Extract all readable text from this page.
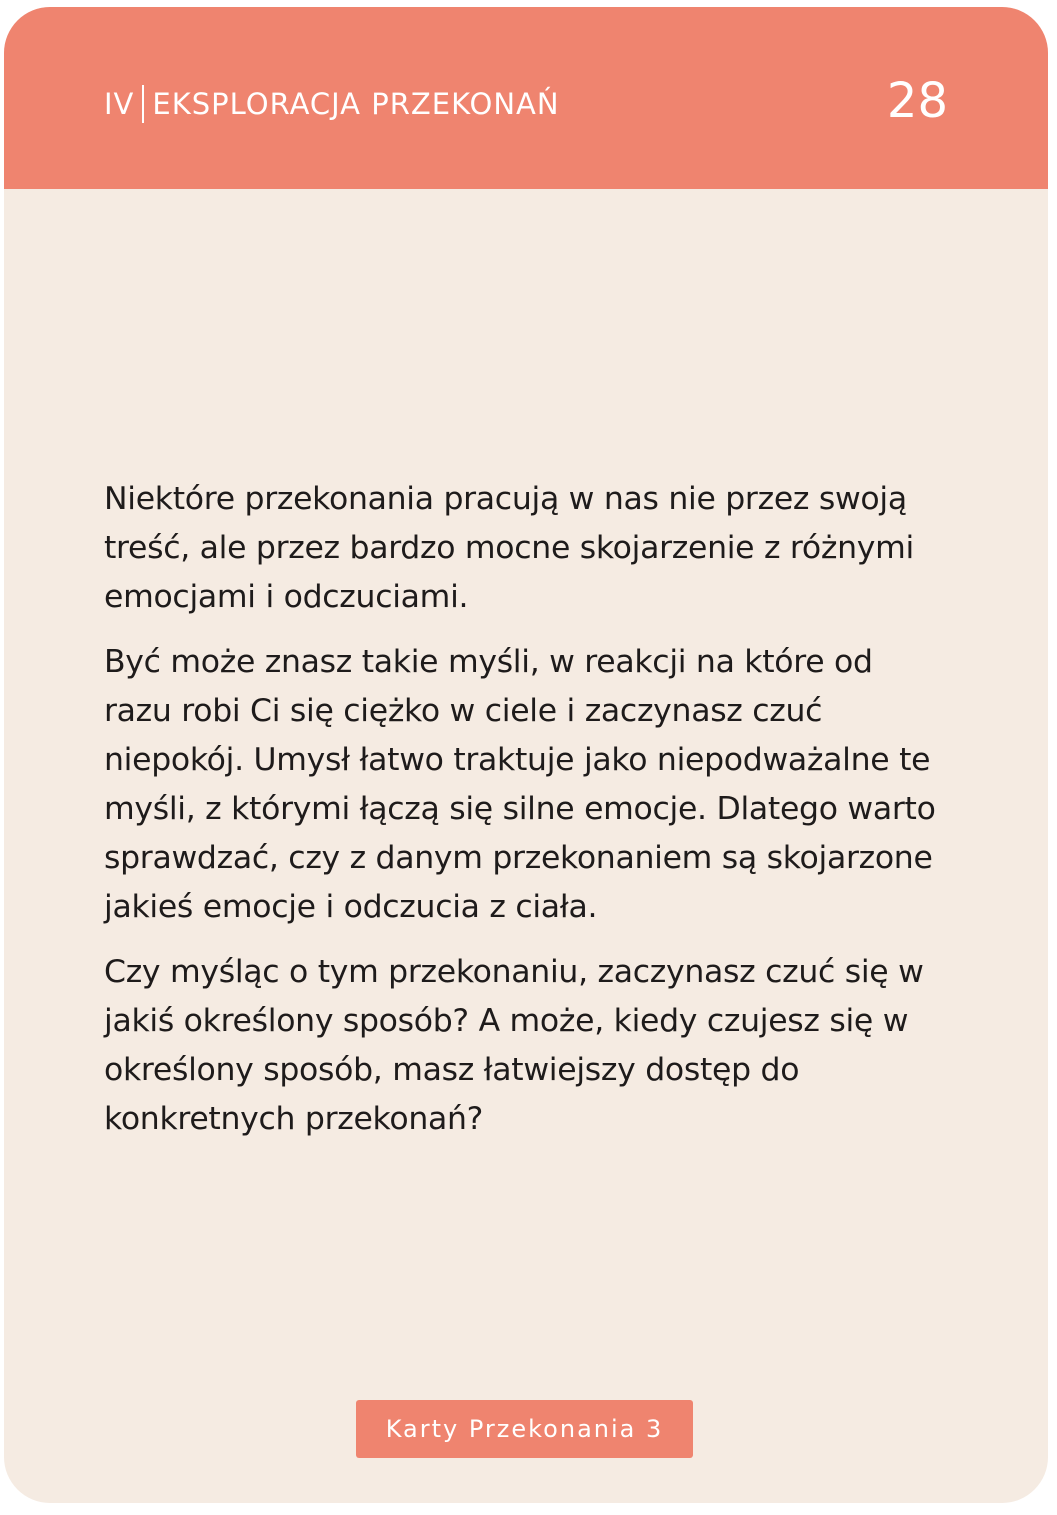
IV EKSPLORACJA PRZEKONAŃ	28

Niektóre przekonania pracują w nas nie przez swoją treść, ale przez bardzo mocne skojarzenie z różnymi emocjami i odczuciami.

Być może znasz takie myśli, w reakcji na które od razu robi Ci się ciężko w ciele i zaczynasz czuć niepokój. Umysł łatwo traktuje jako niepodważalne te myśli, z którymi łączą się silne emocje. Dlatego warto sprawdzać, czy z danym przekonaniem są skojarzone jakieś emocje i odczucia z ciała.

Czy myśląc o tym przekonaniu, zaczynasz czuć się w jakiś określony sposób? A może, kiedy czujesz się w określony sposób, masz łatwiejszy dostęp do konkretnych przekonań?

Karty Przekonania 3
